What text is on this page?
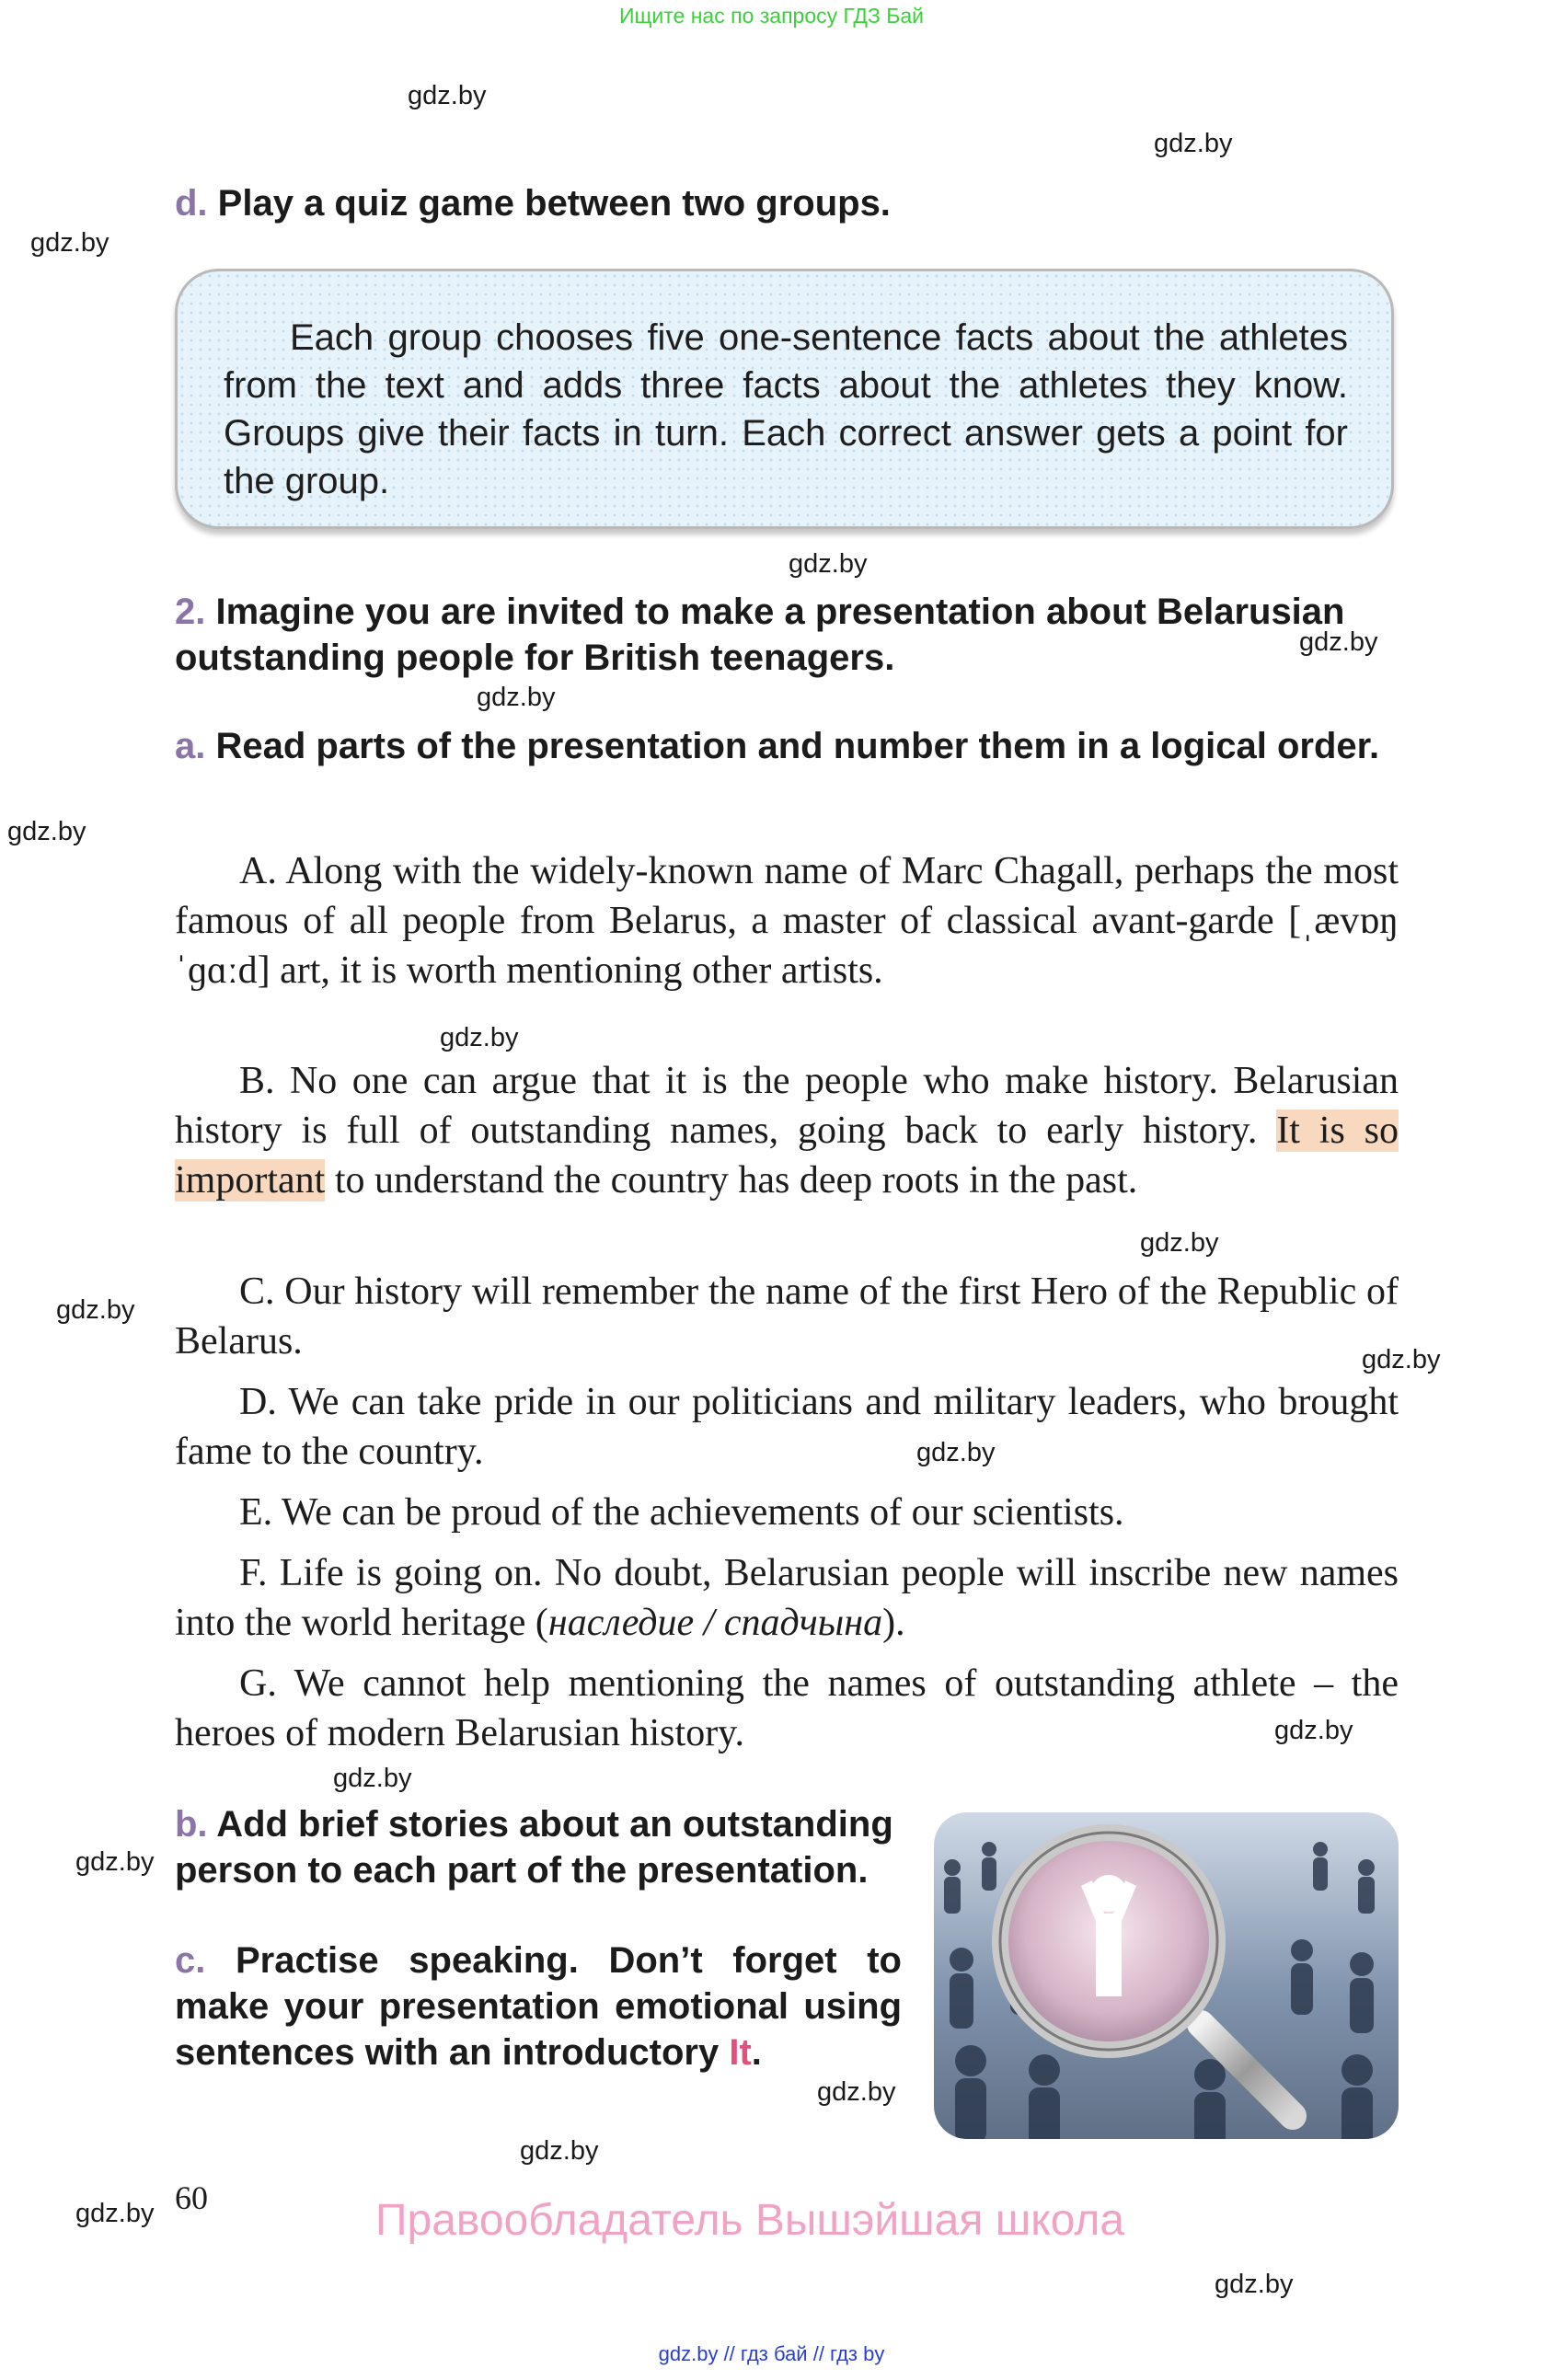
Ищите нас по запросу ГДЗ Бай
gdz.by
gdz.by
gdz.by
gdz.by
gdz.by
gdz.by
gdz.by
gdz.by
gdz.by
gdz.by
gdz.by
gdz.by
gdz.by
gdz.by
gdz.by
gdz.by
gdz.by
gdz.by
gdz.by
d. Play a quiz game between two groups.

Each group chooses five one-sentence facts about the athletes from the text and adds three facts about the athletes they know. Groups give their facts in turn. Each correct answer gets a point for the group.

2. Imagine you are invited to make a presentation about Belarusian outstanding people for British teenagers.
a. Read parts of the presentation and number them in a logical order.

A. Along with the widely-known name of Marc Chagall, perhaps the most famous of all people from Belarus, a master of classical avant-garde [ˌævɒŋˈɡɑːd] art, it is worth mentioning other artists.

B. No one can argue that it is the people who make history. Belarusian history is full of outstanding names, going back to early history. It is so important to understand the country has deep roots in the past.

C. Our history will remember the name of the first Hero of the Republic of Belarus.

D. We can take pride in our politicians and military leaders, who brought fame to the country.

E. We can be proud of the achievements of our scientists.

F. Life is going on. No doubt, Belarusian people will inscribe new names into the world heritage (наследие / спадчына).

G. We cannot help mentioning the names of outstanding athlete – the heroes of modern Belarusian history.

b. Add brief stories about an outstanding person to each part of the presentation.
c. Practise speaking. Don’t forget to make your presentation emotional using sentences with an introductory It.
60	Правообладатель Вышэйшая школа
gdz.by // гдз бай // гдз by
